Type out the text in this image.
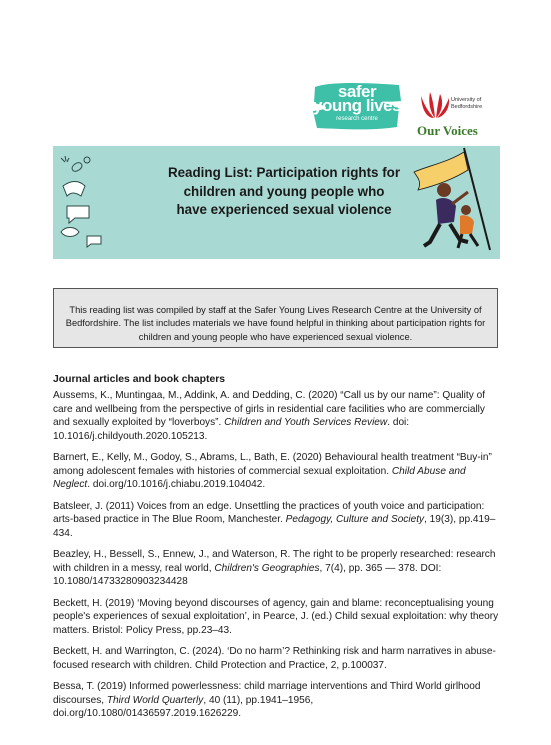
safer
young lives
research centre
University of Bedfordshire
Our Voices
Reading List: Participation rights for
children and young people who
have experienced sexual violence
This reading list was compiled by staff at the Safer Young Lives Research Centre at the University of Bedfordshire. The list includes materials we have found helpful in thinking about participation rights for children and young people who have experienced sexual violence.
Journal articles and book chapters

Aussems, K., Muntingaa, M., Addink, A. and Dedding, C. (2020) “Call us by our name”: Quality of care and wellbeing from the perspective of girls in residential care facilities who are commercially and sexually exploited by “loverboys”. Children and Youth Services Review. doi: 10.1016/j.childyouth.2020.105213.

Barnert, E., Kelly, M., Godoy, S., Abrams, L., Bath, E. (2020) Behavioural health treatment “Buy-in” among adolescent females with histories of commercial sexual exploitation. Child Abuse and Neglect. doi.org/10.1016/j.chiabu.2019.104042.

Batsleer, J. (2011) Voices from an edge. Unsettling the practices of youth voice and participation: arts-based practice in The Blue Room, Manchester. Pedagogy, Culture and Society, 19(3), pp.419–434.

Beazley, H., Bessell, S., Ennew, J., and Waterson, R. The right to be properly researched: research with children in a messy, real world, Children's Geographies, 7(4), pp. 365 — 378. DOI: 10.1080/14733280903234428

Beckett, H. (2019) ‘Moving beyond discourses of agency, gain and blame: reconceptualising young people's experiences of sexual exploitation’, in Pearce, J. (ed.) Child sexual exploitation: why theory matters. Bristol: Policy Press, pp.23–43.

Beckett, H. and Warrington, C. (2024). ‘Do no harm’? Rethinking risk and harm narratives in abuse-focused research with children. Child Protection and Practice, 2, p.100037.

Bessa, T. (2019) Informed powerlessness: child marriage interventions and Third World girlhood discourses, Third World Quarterly, 40 (11), pp.1941–1956, doi.org/10.1080/01436597.2019.1626229.
